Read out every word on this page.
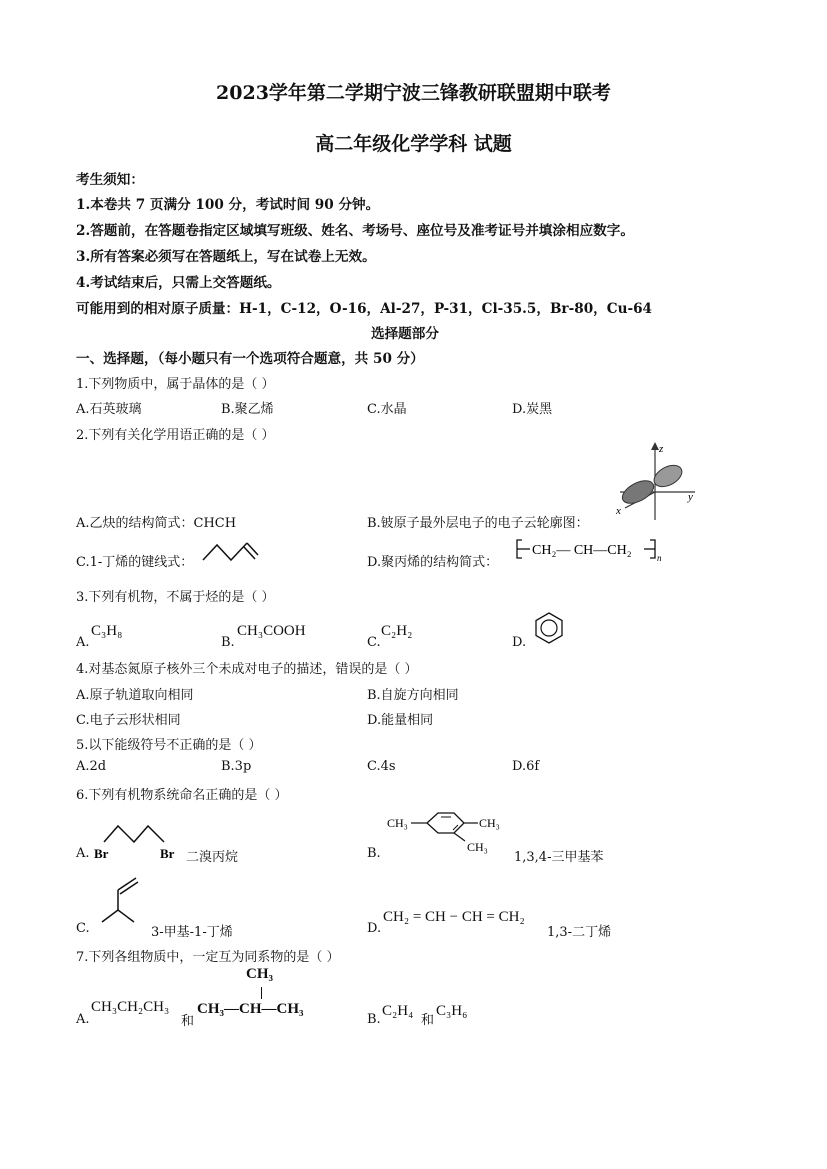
2023学年第二学期宁波三锋教研联盟期中联考
高二年级化学学科 试题
考生须知：
1.本卷共 7 页满分 100 分，考试时间 90 分钟。
2.答题前，在答题卷指定区域填写班级、姓名、考场号、座位号及准考证号并填涂相应数字。
3.所有答案必须写在答题纸上，写在试卷上无效。
4.考试结束后，只需上交答题纸。
可能用到的相对原子质量：H-1，C-12，O-16，Al-27，P-31，Cl-35.5，Br-80，Cu-64
选择题部分
一、选择题，（每小题只有一个选项符合题意，共 50 分）
1.下列物质中，属于晶体的是（ ）
A.石英玻璃	B.聚乙烯	C.水晶	D.炭黑
2.下列有关化学用语正确的是（ ）
z
y
x
A.乙炔的结构简式：CHCH	B.铍原子最外层电子的电子云轮廓图：
C.1-丁烯的键线式：	D.聚丙烯的结构简式：
CH₂— CH—CH₂	n
3.下列有机物，不属于烃的是（ ）
A.
C₃H₈
B.
CH₃COOH
C.
C₂H₂
D.
4.对基态氮原子核外三个未成对电子的描述，错误的是（ ）
A.原子轨道取向相同	B.自旋方向相同
C.电子云形状相同	D.能量相同
5.以下能级符号不正确的是（ ）
A.2d	B.3p	C.4s	D.6f
6.下列有机物系统命名正确的是（ ）
A. Br	Br 二溴丙烷	B.
CH₃	CH₃
CH₃
1,3,4-三甲基苯
C.	3-甲基-1-丁烯	D.
CH₂ = CH − CH = CH₂
1,3-二丁烯
7.下列各组物质中，一定互为同系物的是（ ）
A.
CH₃CH₂CH₃
和
CH₃
CH₃—CH—CH₃
B.
C₂H₄
和
C₃H₆
